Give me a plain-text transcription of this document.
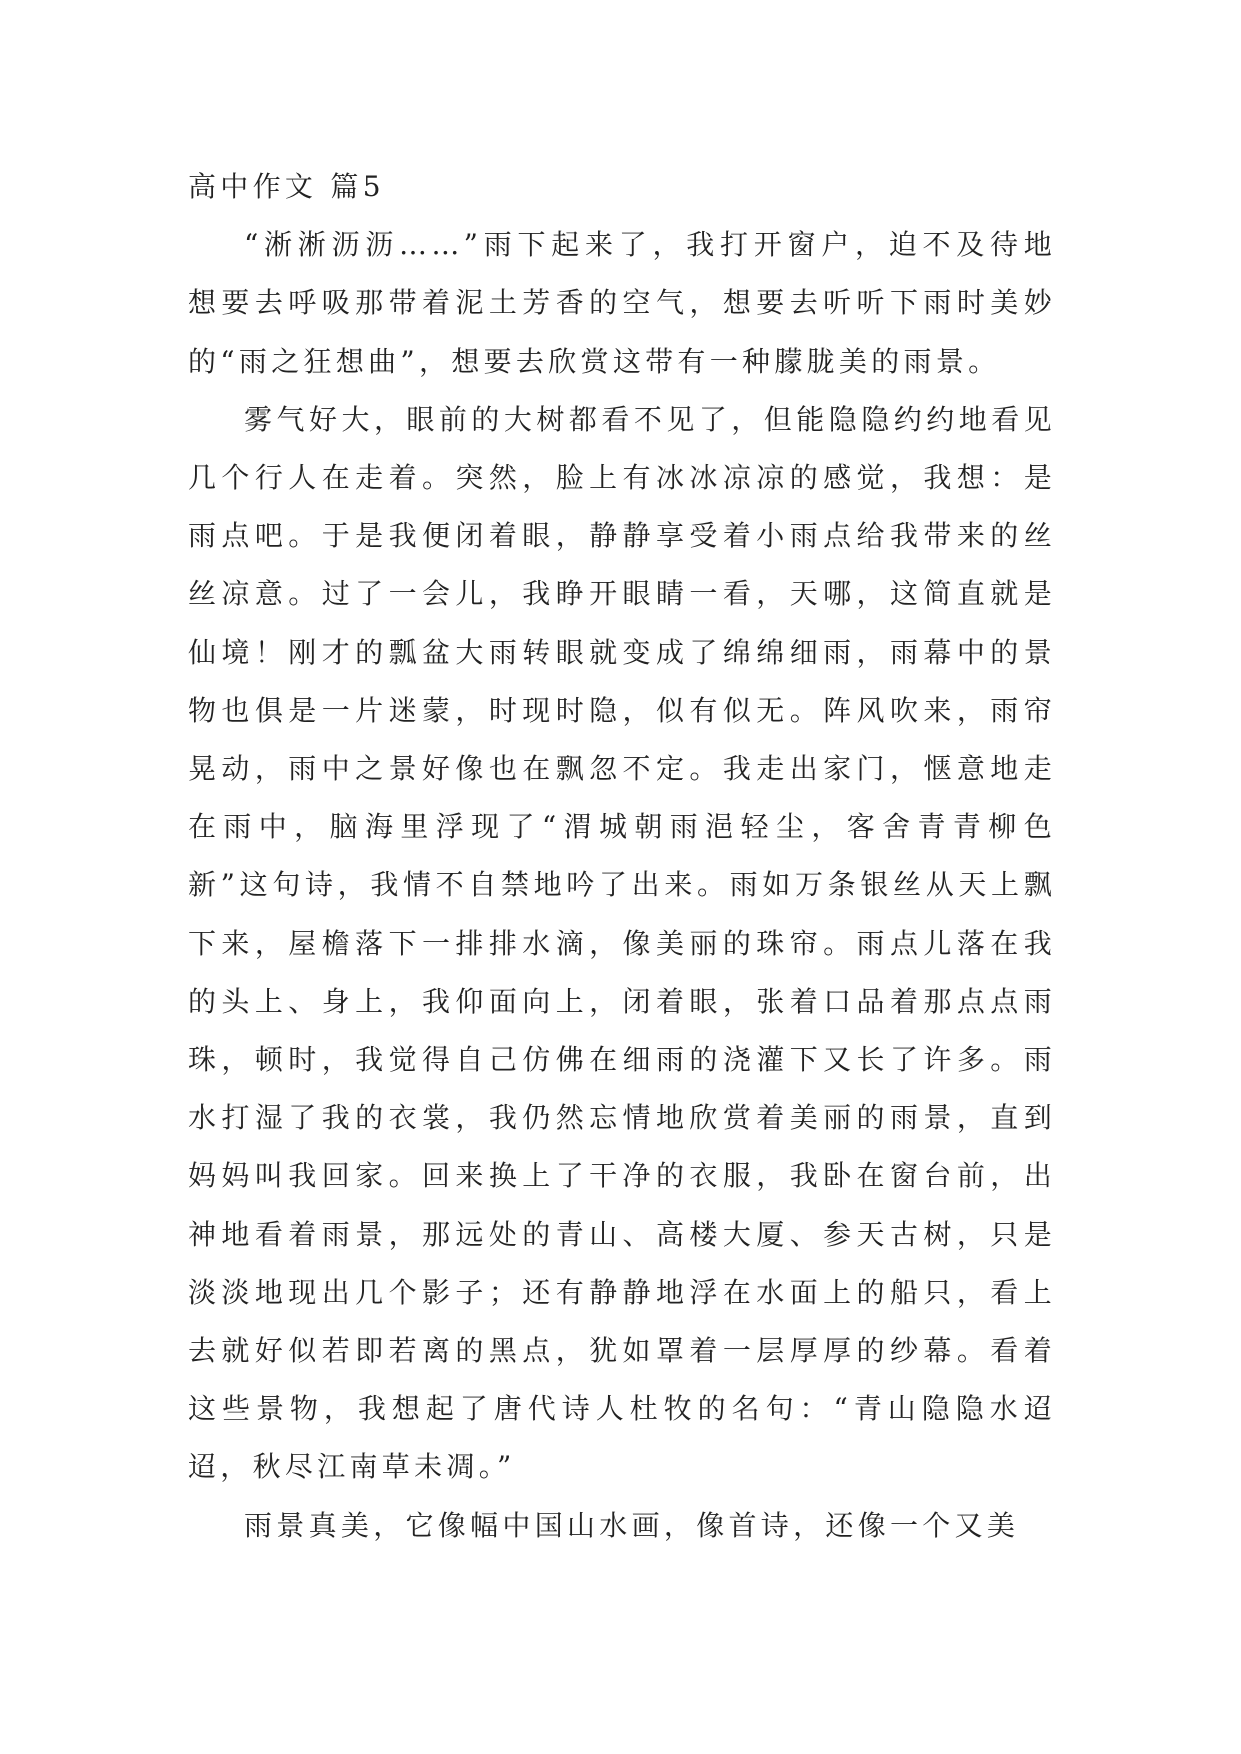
高中作文 篇5

“淅淅沥沥……”雨下起来了，我打开窗户，迫不及待地想要去呼吸那带着泥土芳香的空气，想要去听听下雨时美妙的“雨之狂想曲”，想要去欣赏这带有一种朦胧美的雨景。

雾气好大，眼前的大树都看不见了，但能隐隐约约地看见几个行人在走着。突然，脸上有冰冰凉凉的感觉，我想：是雨点吧。于是我便闭着眼，静静享受着小雨点给我带来的丝丝凉意。过了一会儿，我睁开眼睛一看，天哪，这简直就是仙境！刚才的瓢盆大雨转眼就变成了绵绵细雨，雨幕中的景物也俱是一片迷蒙，时现时隐，似有似无。阵风吹来，雨帘晃动，雨中之景好像也在飘忽不定。我走出家门，惬意地走在雨中，脑海里浮现了“渭城朝雨浥轻尘，客舍青青柳色新”这句诗，我情不自禁地吟了出来。雨如万条银丝从天上飘下来，屋檐落下一排排水滴，像美丽的珠帘。雨点儿落在我的头上、身上，我仰面向上，闭着眼，张着口品着那点点雨珠，顿时，我觉得自己仿佛在细雨的浇灌下又长了许多。雨水打湿了我的衣裳，我仍然忘情地欣赏着美丽的雨景，直到妈妈叫我回家。回来换上了干净的衣服，我卧在窗台前，出神地看着雨景，那远处的青山、高楼大厦、参天古树，只是淡淡地现出几个影子；还有静静地浮在水面上的船只，看上去就好似若即若离的黑点，犹如罩着一层厚厚的纱幕。看着这些景物，我想起了唐代诗人杜牧的名句：“青山隐隐水迢迢，秋尽江南草未凋。”

雨景真美，它像幅中国山水画，像首诗，还像一个又美
